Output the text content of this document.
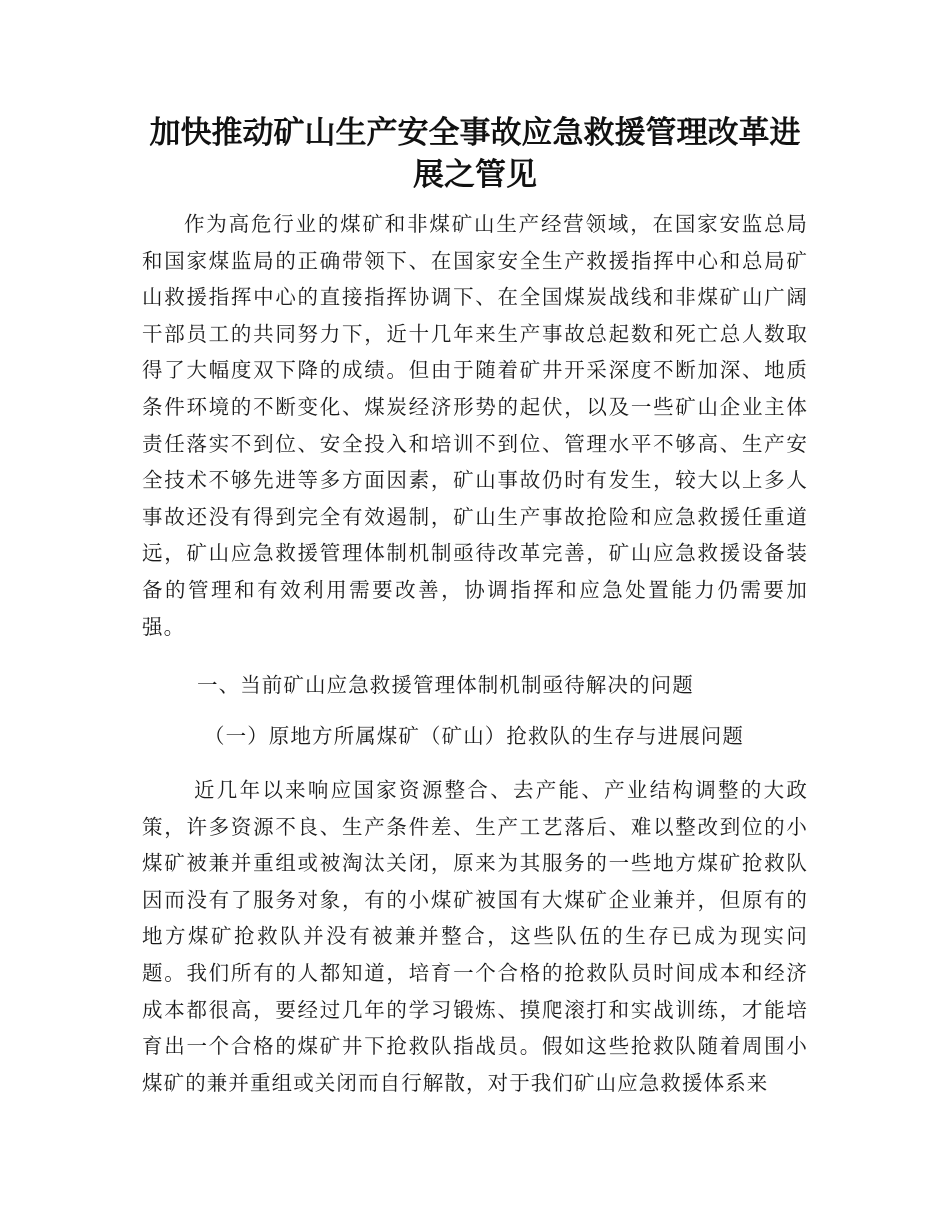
加快推动矿山生产安全事故应急救援管理改革进展之管见

作为高危行业的煤矿和非煤矿山生产经营领域，在国家安监总局和国家煤监局的正确带领下、在国家安全生产救援指挥中心和总局矿山救援指挥中心的直接指挥协调下、在全国煤炭战线和非煤矿山广阔干部员工的共同努力下，近十几年来生产事故总起数和死亡总人数取得了大幅度双下降的成绩。但由于随着矿井开采深度不断加深、地质条件环境的不断变化、煤炭经济形势的起伏，以及一些矿山企业主体责任落实不到位、安全投入和培训不到位、管理水平不够高、生产安全技术不够先进等多方面因素，矿山事故仍时有发生，较大以上多人事故还没有得到完全有效遏制，矿山生产事故抢险和应急救援任重道远，矿山应急救援管理体制机制亟待改革完善，矿山应急救援设备装备的管理和有效利用需要改善，协调指挥和应急处置能力仍需要加强。

一、当前矿山应急救援管理体制机制亟待解决的问题

（一）原地方所属煤矿（矿山）抢救队的生存与进展问题

近几年以来响应国家资源整合、去产能、产业结构调整的大政策，许多资源不良、生产条件差、生产工艺落后、难以整改到位的小煤矿被兼并重组或被淘汰关闭，原来为其服务的一些地方煤矿抢救队因而没有了服务对象，有的小煤矿被国有大煤矿企业兼并，但原有的地方煤矿抢救队并没有被兼并整合，这些队伍的生存已成为现实问题。我们所有的人都知道，培育一个合格的抢救队员时间成本和经济成本都很高，要经过几年的学习锻炼、摸爬滚打和实战训练，才能培育出一个合格的煤矿井下抢救队指战员。假如这些抢救队随着周围小煤矿的兼并重组或关闭而自行解散，对于我们矿山应急救援体系来
